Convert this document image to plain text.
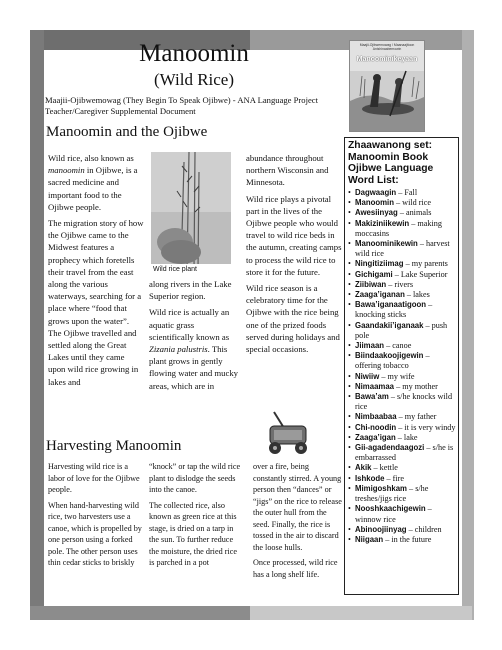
Manoomin
(Wild Rice)
Maajii-Ojibwemowag (They Begin To Speak Ojibwe) - ANA Language Project
Teacher/Caregiver Supplemental Document
Maajii-Ojibwemowag / Maanaajitoon Anishinaabemowin
Manoominikeyaan
Manoomin and the Ojibwe

Wild rice, also known as manoomin in Ojibwe, is a sacred medicine and important food to the Ojibwe people.

The migration story of how the Ojibwe came to the Midwest features a prophecy which foretells their travel from the east along the various waterways, searching for a place where “food that grows upon the water”. The Ojibwe travelled and settled along the Great Lakes until they came upon wild rice growing in lakes and

Wild rice plant

along rivers in the Lake Superior region.

Wild rice is actually an aquatic grass scientifically known as Zizania palustris. This plant grows in gently flowing water and mucky areas, which are in

abundance throughout northern Wisconsin and Minnesota.

Wild rice plays a pivotal part in the lives of the Ojibwe people who would travel to wild rice beds in the autumn, creating camps to process the wild rice to store it for the future.

Wild rice season is a celebratory time for the Ojibwe with the rice being one of the prized foods served during holidays and special occasions.

Harvesting Manoomin

Harvesting wild rice is a labor of love for the Ojibwe people.

When hand-harvesting wild rice, two harvesters use a canoe, which is propelled by one person using a forked pole. The other person uses thin cedar sticks to briskly

“knock” or tap the wild rice plant to dislodge the seeds into the canoe.

The collected rice, also known as green rice at this stage, is dried on a tarp in the sun. To further reduce the moisture, the dried rice is parched in a pot

over a fire, being constantly stirred. A young person then “dances” or “jigs” on the rice to release the outer hull from the seed. Finally, the rice is tossed in the air to discard the loose hulls.

Once processed, wild rice has a long shelf life.

Zhaawanong set: Manoomin Book Ojibwe Language Word List:
• Dagwaagin – Fall
• Manoomin – wild rice
• Awesiinyag – animals
• Makiziniikewin – making moccasins
• Manoominikewin – harvest wild rice
• Ningitiziimag – my parents
• Gichigami – Lake Superior
• Ziibiwan – rivers
• Zaaga’iganan – lakes
• Bawa’iganaatigoon – knocking sticks
• Gaandakii’iganaak – push pole
• Jiimaan – canoe
• Biindaakoojigewin – offering tobacco
• Niwiiw – my wife
• Nimaamaa – my mother
• Bawa’am – s/he knocks wild rice
• Nimbaabaa – my father
• Chi-noodin – it is very windy
• Zaaga’igan – lake
• Gii-agadendaagozi – s/he is embarrassed
• Akik – kettle
• Ishkode – fire
• Mimigoshkam – s/he treshes/jigs rice
• Nooshkaachigewin – winnow rice
• Abinoojiinyag – children
• Niigaan – in the future
